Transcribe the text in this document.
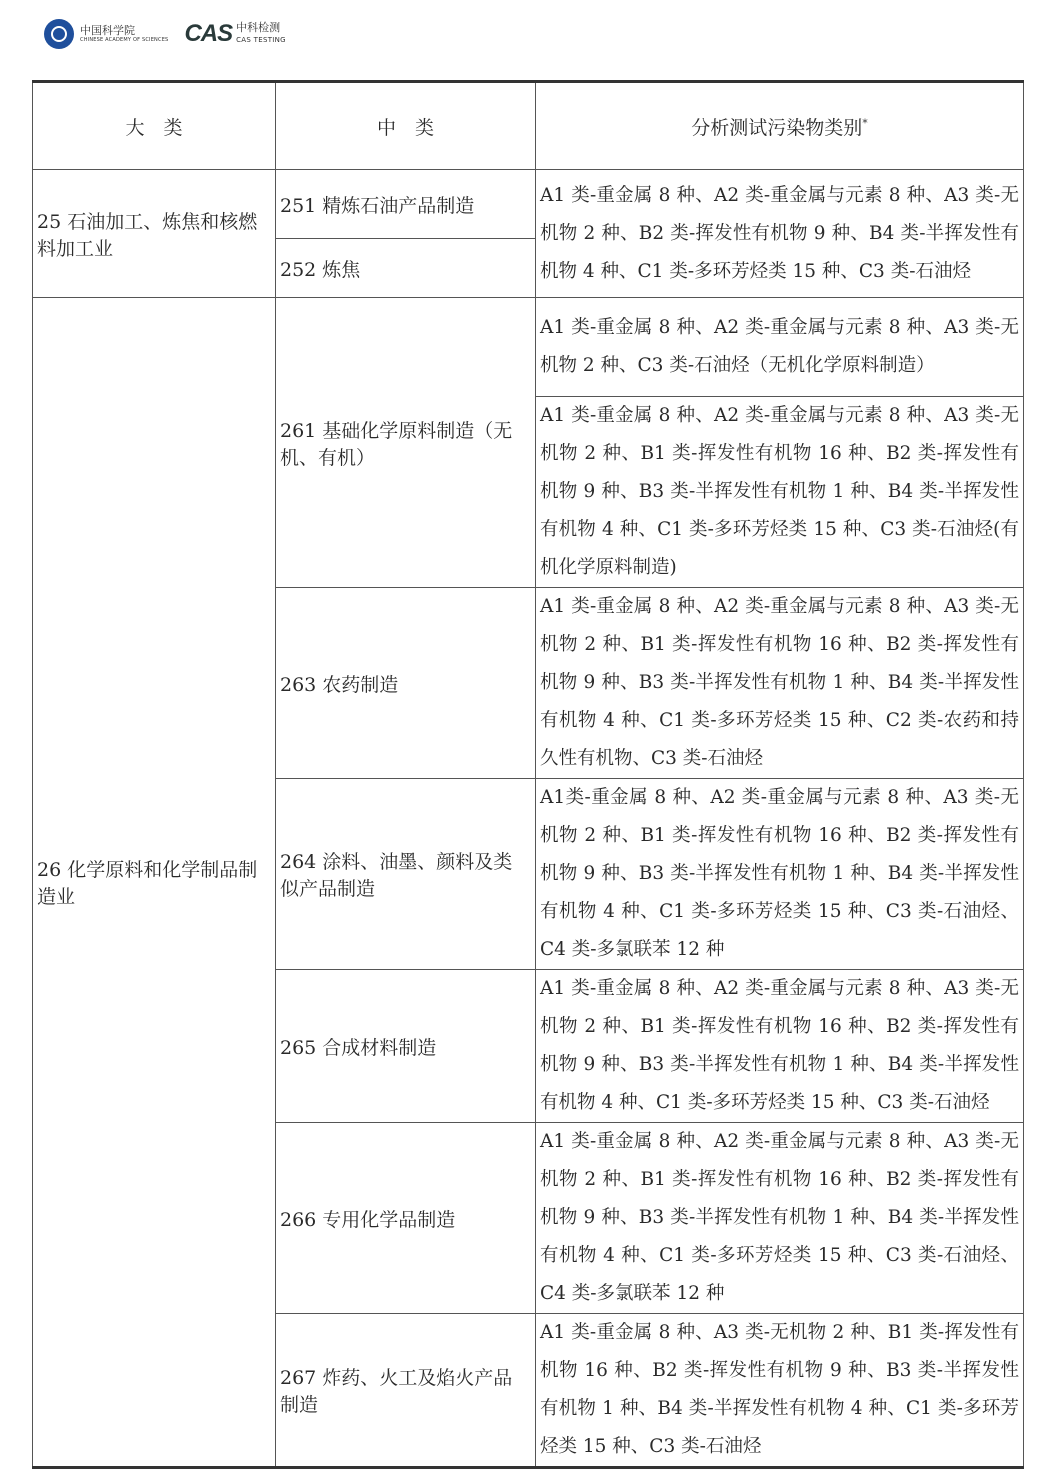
中国科学院
CHINESE ACADEMY OF SCIENCES CAS 中科检测
CAS TESTING
大　类	中　类	分析测试污染物类别*
25 石油加工、炼焦和核燃料加工业	251 精炼石油产品制造	A1 类-重金属 8 种、A2 类-重金属与元素 8 种、A3 类-无机物 2 种、B2 类-挥发性有机物 9 种、B4 类-半挥发性有机物 4 种、C1 类-多环芳烃类 15 种、C3 类-石油烃
	252 炼焦	
26 化学原料和化学制品制造业	261 基础化学原料制造（无机、有机）	A1 类-重金属 8 种、A2 类-重金属与元素 8 种、A3 类-无机物 2 种、C3 类-石油烃（无机化学原料制造）
		A1 类-重金属 8 种、A2 类-重金属与元素 8 种、A3 类-无机物 2 种、B1 类-挥发性有机物 16 种、B2 类-挥发性有机物 9 种、B3 类-半挥发性有机物 1 种、B4 类-半挥发性有机物 4 种、C1 类-多环芳烃类 15 种、C3 类-石油烃(有机化学原料制造)
	263 农药制造	A1 类-重金属 8 种、A2 类-重金属与元素 8 种、A3 类-无机物 2 种、B1 类-挥发性有机物 16 种、B2 类-挥发性有机物 9 种、B3 类-半挥发性有机物 1 种、B4 类-半挥发性有机物 4 种、C1 类-多环芳烃类 15 种、C2 类-农药和持久性有机物、C3 类-石油烃
	264 涂料、油墨、颜料及类似产品制造	A1类-重金属 8 种、A2 类-重金属与元素 8 种、A3 类-无机物 2 种、B1 类-挥发性有机物 16 种、B2 类-挥发性有机物 9 种、B3 类-半挥发性有机物 1 种、B4 类-半挥发性有机物 4 种、C1 类-多环芳烃类 15 种、C3 类-石油烃、C4 类-多氯联苯 12 种
	265 合成材料制造	A1 类-重金属 8 种、A2 类-重金属与元素 8 种、A3 类-无机物 2 种、B1 类-挥发性有机物 16 种、B2 类-挥发性有机物 9 种、B3 类-半挥发性有机物 1 种、B4 类-半挥发性有机物 4 种、C1 类-多环芳烃类 15 种、C3 类-石油烃
	266 专用化学品制造	A1 类-重金属 8 种、A2 类-重金属与元素 8 种、A3 类-无机物 2 种、B1 类-挥发性有机物 16 种、B2 类-挥发性有机物 9 种、B3 类-半挥发性有机物 1 种、B4 类-半挥发性有机物 4 种、C1 类-多环芳烃类 15 种、C3 类-石油烃、C4 类-多氯联苯 12 种
	267 炸药、火工及焰火产品制造	A1 类-重金属 8 种、A3 类-无机物 2 种、B1 类-挥发性有机物 16 种、B2 类-挥发性有机物 9 种、B3 类-半挥发性有机物 1 种、B4 类-半挥发性有机物 4 种、C1 类-多环芳烃类 15 种、C3 类-石油烃
